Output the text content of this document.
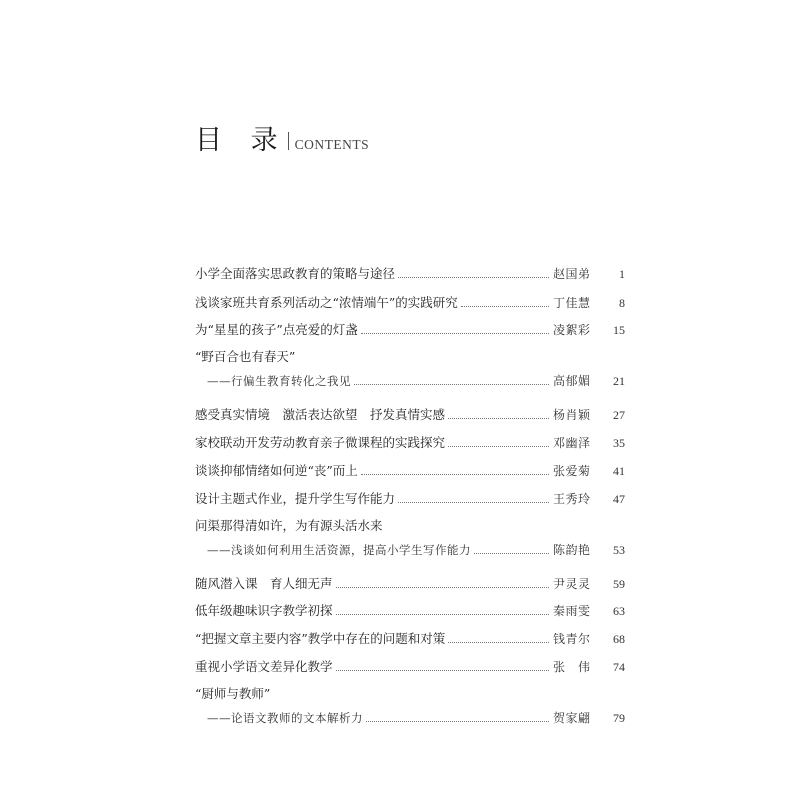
目 录 CONTENTS
小学全面落实思政教育的策略与途径	赵国弟	1
浅谈家班共育系列活动之“浓情端午”的实践研究	丁佳慧	8
为“星星的孩子”点亮爱的灯盏	凌絮彩	15
“野百合也有春天”
——行偏生教育转化之我见	高郁媚	21
感受真实情境　激活表达欲望　抒发真情实感	杨肖颖	27
家校联动开发劳动教育亲子微课程的实践探究	邓幽泽	35
谈谈抑郁情绪如何逆“丧”而上	张爱菊	41
设计主题式作业，提升学生写作能力	王秀玲	47
问渠那得清如许，为有源头活水来
——浅谈如何利用生活资源，提高小学生写作能力	陈韵艳	53
随风潜入课　育人细无声	尹灵灵	59
低年级趣味识字教学初探	秦雨雯	63
“把握文章主要内容”教学中存在的问题和对策	钱青尔	68
重视小学语文差异化教学	张　伟	74
“厨师与教师”
——论语文教师的文本解析力	贺家翩	79
